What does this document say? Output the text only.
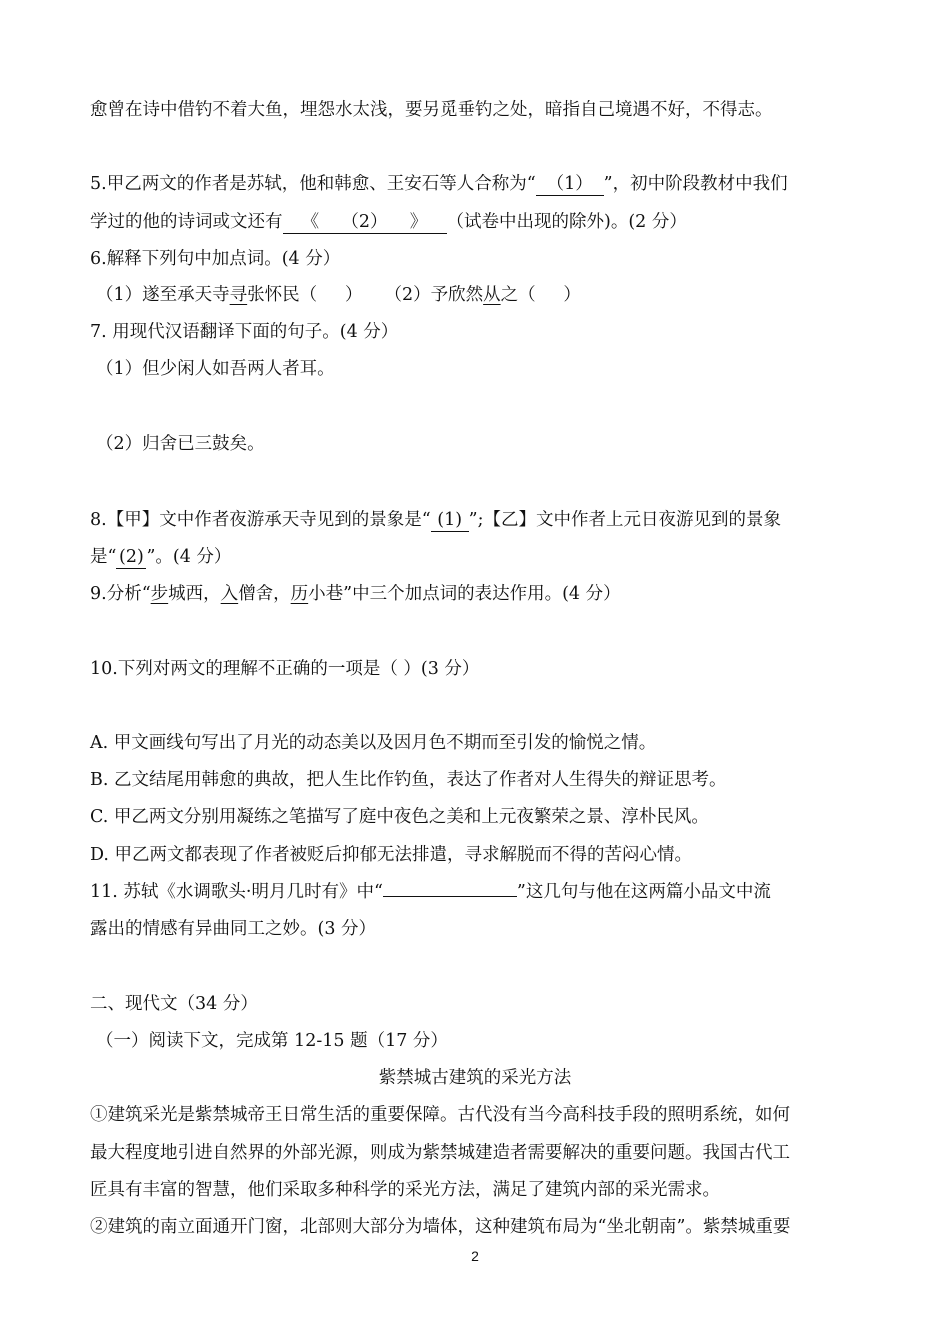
愈曾在诗中借钓不着大鱼，埋怨水太浅，要另觅垂钓之处，暗指自己境遇不好，不得志。
5.甲乙两文的作者是苏轼，他和韩愈、王安石等人合称为“ （1） ”，初中阶段教材中我们
学过的他的诗词或文还有 《    （2）    》 （试卷中出现的除外)。(2 分）
6.解释下列句中加点词。(4 分）
（1）遂至承天寺寻张怀民（     ） （2）予欣然从之（     ）
7. 用现代汉语翻译下面的句子。(4 分）
（1）但少闲人如吾两人者耳。
（2）归舍已三鼓矣。
8.【甲】文中作者夜游承天寺见到的景象是“ (1) ”;【乙】文中作者上元日夜游见到的景象
是“ (2) ”。(4 分）
9.分析“步城西，入僧舍，历小巷”中三个加点词的表达作用。(4 分）
10.下列对两文的理解不正确的一项是（ ）(3 分）
A. 甲文画线句写出了月光的动态美以及因月色不期而至引发的愉悦之情。
B. 乙文结尾用韩愈的典故，把人生比作钓鱼，表达了作者对人生得失的辩证思考。
C. 甲乙两文分别用凝练之笔描写了庭中夜色之美和上元夜繁荣之景、淳朴民风。
D. 甲乙两文都表现了作者被贬后抑郁无法排遣，寻求解脱而不得的苦闷心情。
11. 苏轼《水调歌头·明月几时有》中“	”这几句与他在这两篇小品文中流
露出的情感有异曲同工之妙。(3 分）
二、现代文（34 分）
（一）阅读下文，完成第 12-15 题（17 分）
紫禁城古建筑的采光方法
①建筑采光是紫禁城帝王日常生活的重要保障。古代没有当今高科技手段的照明系统，如何
最大程度地引进自然界的外部光源，则成为紫禁城建造者需要解决的重要问题。我国古代工
匠具有丰富的智慧，他们采取多种科学的采光方法，满足了建筑内部的采光需求。
②建筑的南立面通开门窗，北部则大部分为墙体，这种建筑布局为“坐北朝南”。紫禁城重要
2
